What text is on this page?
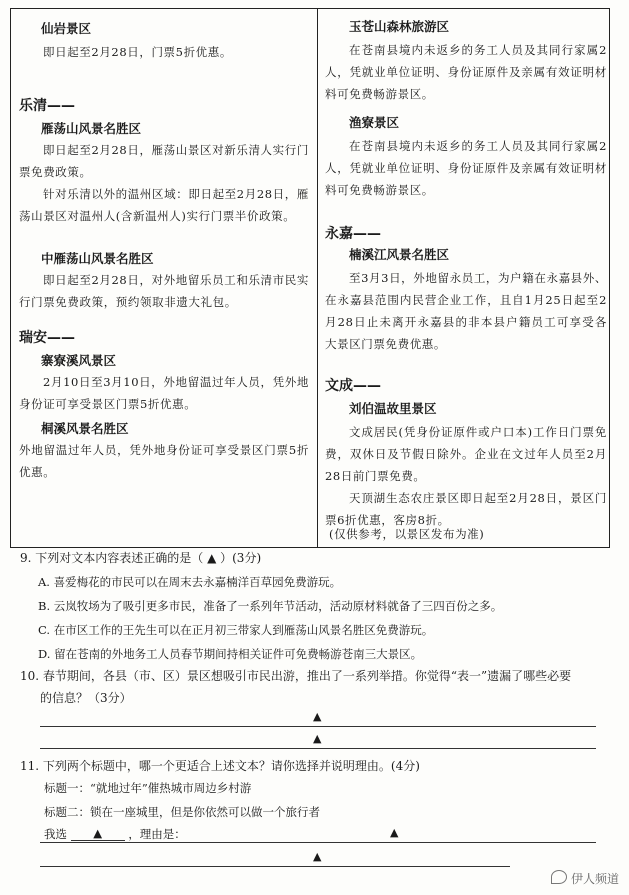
仙岩景区
即日起至2月28日，门票5折优惠。
乐清——
雁荡山风景名胜区
即日起至2月28日，雁荡山景区对新乐清人实行门票免费政策。
针对乐清以外的温州区域：即日起至2月28日，雁荡山景区对温州人(含新温州人)实行门票半价政策。
中雁荡山风景名胜区
即日起至2月28日，对外地留乐员工和乐清市民实行门票免费政策，预约领取非遗大礼包。
瑞安——
寨寮溪风景区
2月10日至3月10日，外地留温过年人员，凭外地身份证可享受景区门票5折优惠。
桐溪风景名胜区
外地留温过年人员，凭外地身份证可享受景区门票5折优惠。
玉苍山森林旅游区
在苍南县境内未返乡的务工人员及其同行家属2人，凭就业单位证明、身份证原件及亲属有效证明材料可免费畅游景区。
渔寮景区
在苍南县境内未返乡的务工人员及其同行家属2人，凭就业单位证明、身份证原件及亲属有效证明材料可免费畅游景区。
永嘉——
楠溪江风景名胜区
至3月3日，外地留永员工，为户籍在永嘉县外、在永嘉县范围内民营企业工作，且自1月25日起至2月28日止未离开永嘉县的非本县户籍员工可享受各大景区门票免费优惠。
文成——
刘伯温故里景区
文成居民(凭身份证原件或户口本)工作日门票免费，双休日及节假日除外。企业在文过年人员至2月28日前门票免费。
天顶湖生态农庄景区即日起至2月28日，景区门票6折优惠，客房8折。
(仅供参考，以景区发布为准)
9. 下列对文本内容表述正确的是（ ▲ ）(3分)
A. 喜爱梅花的市民可以在周末去永嘉楠洋百草园免费游玩。
B. 云岚牧场为了吸引更多市民，准备了一系列年节活动，活动原材料就备了三四百份之多。
C. 在市区工作的王先生可以在正月初三带家人到雁荡山风景名胜区免费游玩。
D. 留在苍南的外地务工人员春节期间持相关证件可免费畅游苍南三大景区。
10. 春节期间，各县（市、区）景区想吸引市民出游，推出了一系列举措。你觉得“表一”遗漏了哪些必要
的信息？（3分）
▲
▲
11. 下列两个标题中，哪一个更适合上述文本？请你选择并说明理由。(4分)
标题一：“就地过年”催热城市周边乡村游
标题二：锁在一座城里，但是你依然可以做一个旅行者
我选 ▲ ，理由是：	▲
▲
伊人频道
